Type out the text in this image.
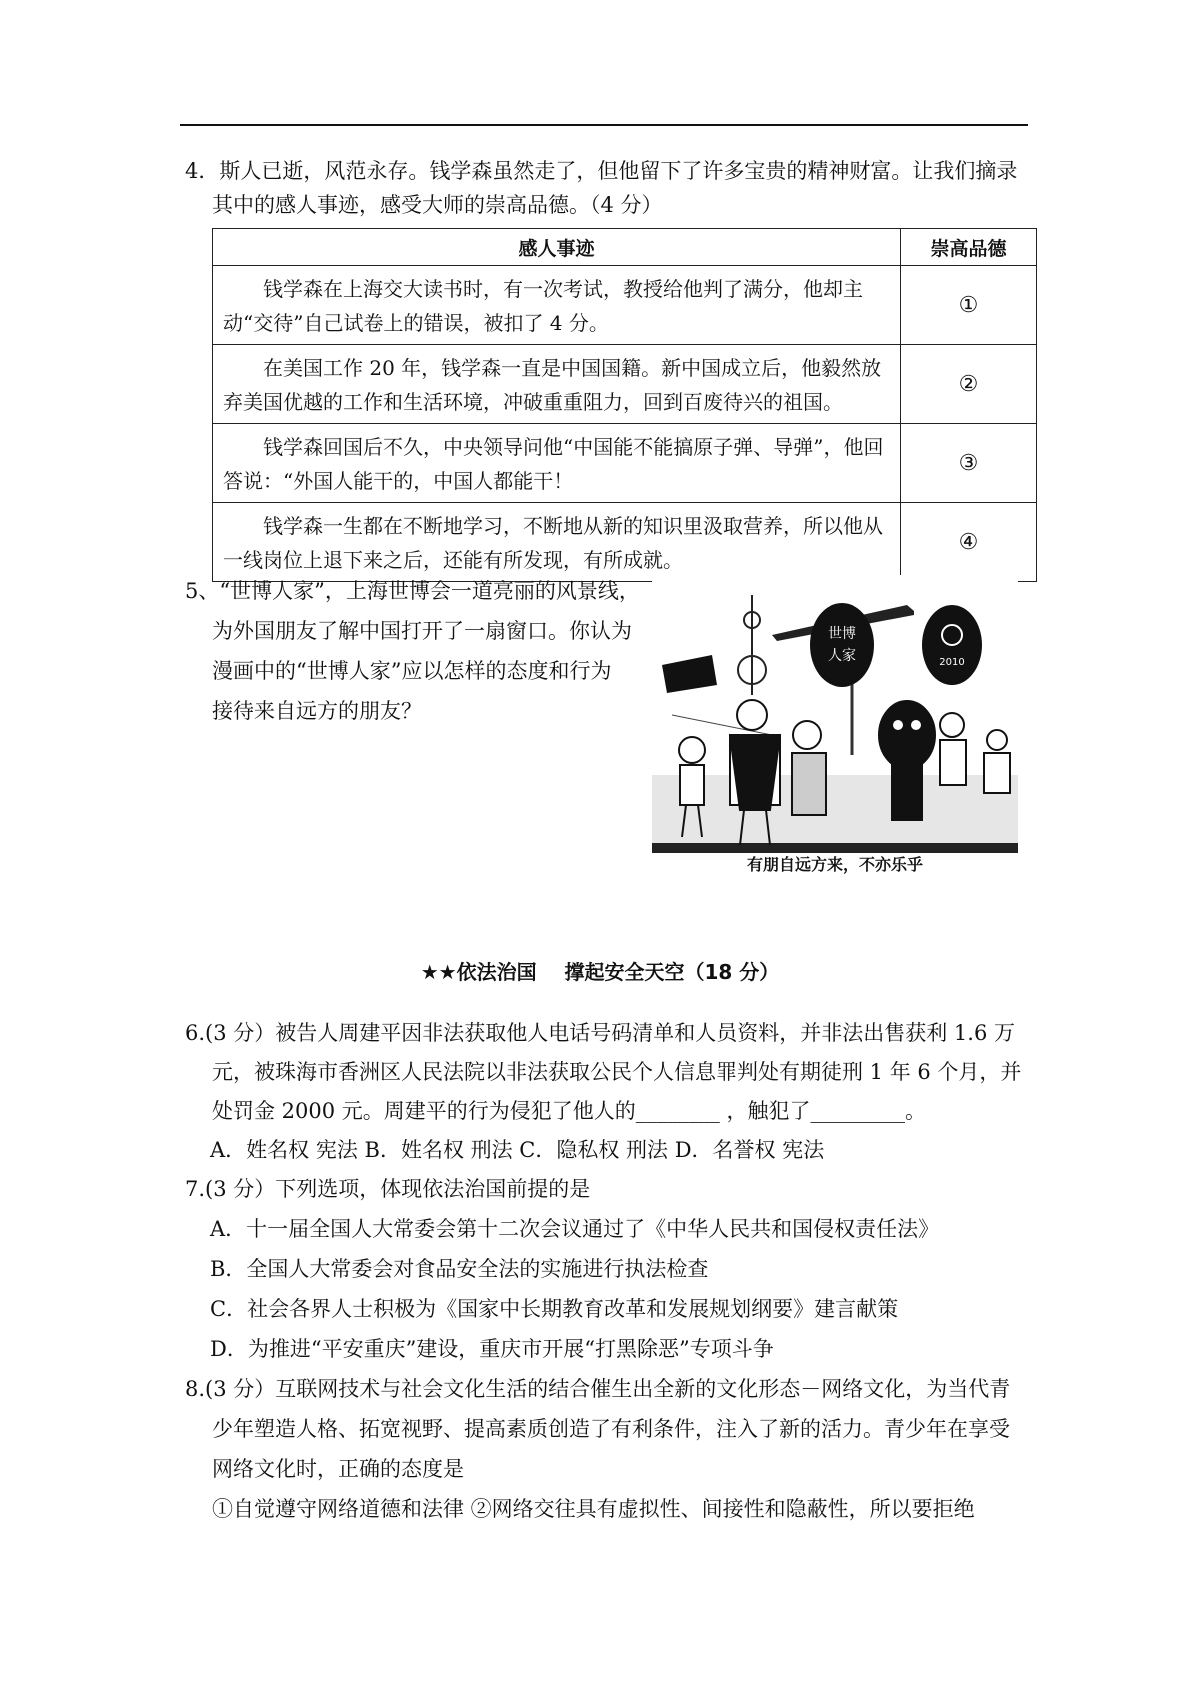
4．斯人已逝，风范永存。钱学森虽然走了，但他留下了许多宝贵的精神财富。让我们摘录
其中的感人事迹，感受大师的崇高品德。（4 分）
感人事迹	崇高品德

钱学森在上海交大读书时，有一次考试，教授给他判了满分，他却主动“交待”自己试卷上的错误，被扣了 4 分。	①

在美国工作 20 年，钱学森一直是中国国籍。新中国成立后，他毅然放弃美国优越的工作和生活环境，冲破重重阻力，回到百废待兴的祖国。	②

钱学森回国后不久，中央领导问他“中国能不能搞原子弹、导弹”，他回答说：“外国人能干的，中国人都能干！	③

钱学森一生都在不断地学习，不断地从新的知识里汲取营养，所以他从一线岗位上退下来之后，还能有所发现，有所成就。	④
5、“世博人家”，上海世博会一道亮丽的风景线，
为外国朋友了解中国打开了一扇窗口。你认为
漫画中的“世博人家”应以怎样的态度和行为
接待来自远方的朋友？
世博
人家	2010
有朋自远方来，不亦乐乎
★★依法治国    撑起安全天空（18 分）
6.(3 分）被告人周建平因非法获取他人电话号码清单和人员资料，并非法出售获利 1.6 万
元，被珠海市香洲区人民法院以非法获取公民个人信息罪判处有期徒刑 1 年 6 个月，并
处罚金 2000 元。周建平的行为侵犯了他人的________ ，触犯了_________。
A．姓名权 宪法 B．姓名权 刑法 C．隐私权 刑法 D．名誉权 宪法
7.(3 分）下列选项，体现依法治国前提的是
A．十一届全国人大常委会第十二次会议通过了《中华人民共和国侵权责任法》
B．全国人大常委会对食品安全法的实施进行执法检查
C．社会各界人士积极为《国家中长期教育改革和发展规划纲要》建言献策
D．为推进“平安重庆”建设，重庆市开展“打黑除恶”专项斗争
8.(3 分）互联网技术与社会文化生活的结合催生出全新的文化形态－网络文化，为当代青
少年塑造人格、拓宽视野、提高素质创造了有利条件，注入了新的活力。青少年在享受
网络文化时，正确的态度是
①自觉遵守网络道德和法律 ②网络交往具有虚拟性、间接性和隐蔽性，所以要拒绝
